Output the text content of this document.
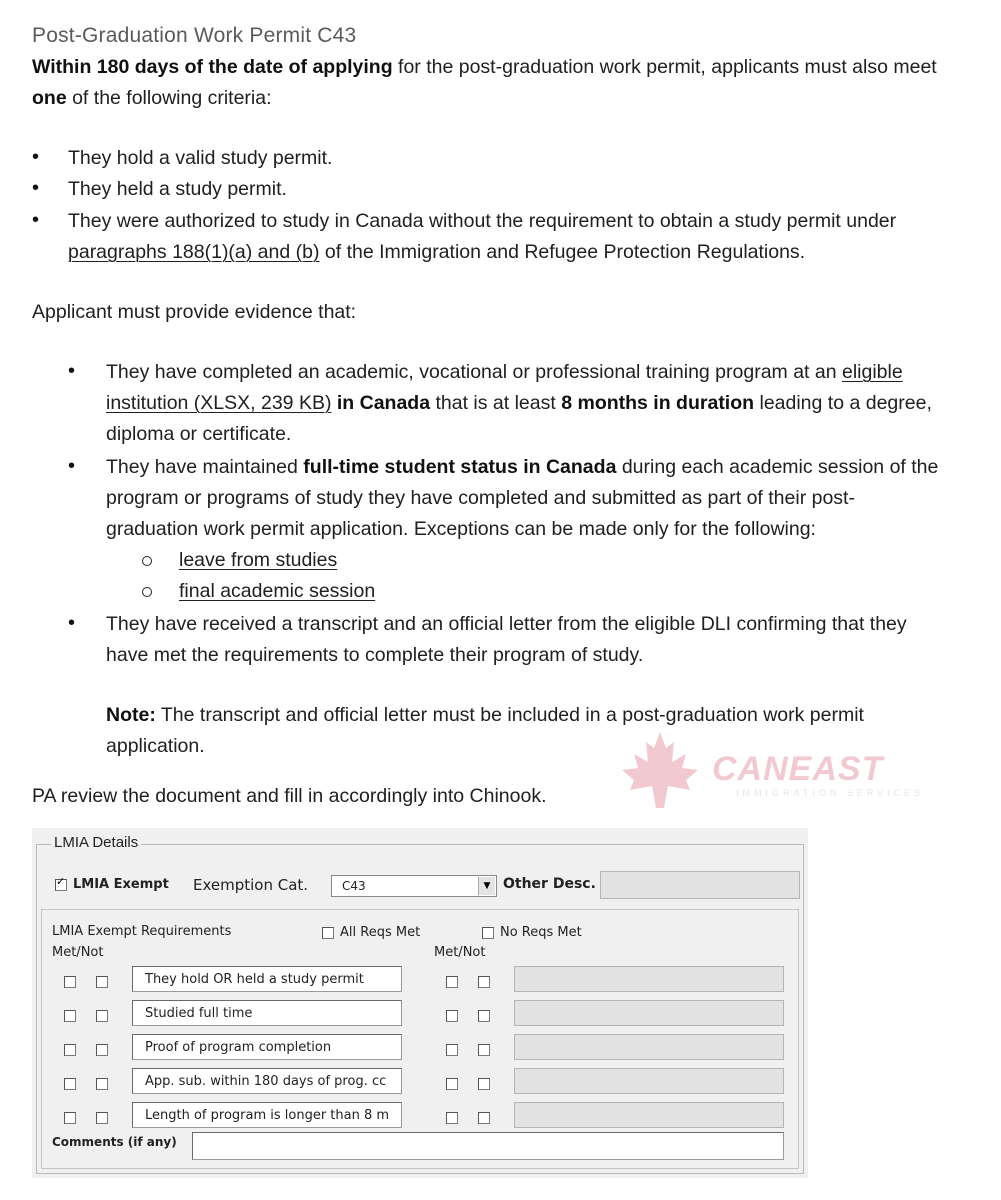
Post-Graduation Work Permit C43
Within 180 days of the date of applying for the post-graduation work permit, applicants must also meet
one of the following criteria:
• They hold a valid study permit.
• They held a study permit.
• They were authorized to study in Canada without the requirement to obtain a study permit under
paragraphs 188(1)(a) and (b) of the Immigration and Refugee Protection Regulations.
Applicant must provide evidence that:
• They have completed an academic, vocational or professional training program at an eligible
institution (XLSX, 239 KB) in Canada that is at least 8 months in duration leading to a degree,
diploma or certificate.
• They have maintained full-time student status in Canada during each academic session of the
program or programs of study they have completed and submitted as part of their post-
graduation work permit application. Exceptions can be made only for the following:
leave from studies
final academic session
• They have received a transcript and an official letter from the eligible DLI confirming that they
have met the requirements to complete their program of study.
Note: The transcript and official letter must be included in a post-graduation work permit
application.
PA review the document and fill in accordingly into Chinook.
CANEAST
IMMIGRATION SERVICES
LMIA Details
✓
LMIA Exempt Exemption Cat.	C43	▼ Other Desc.
LMIA Exempt Requirements	All Reqs Met	No Reqs Met
Met/Not	Met/Not
They hold OR held a study permit
Studied full time
Proof of program completion
App. sub. within 180 days of prog. cc
Length of program is longer than 8 m
Comments (if any)
